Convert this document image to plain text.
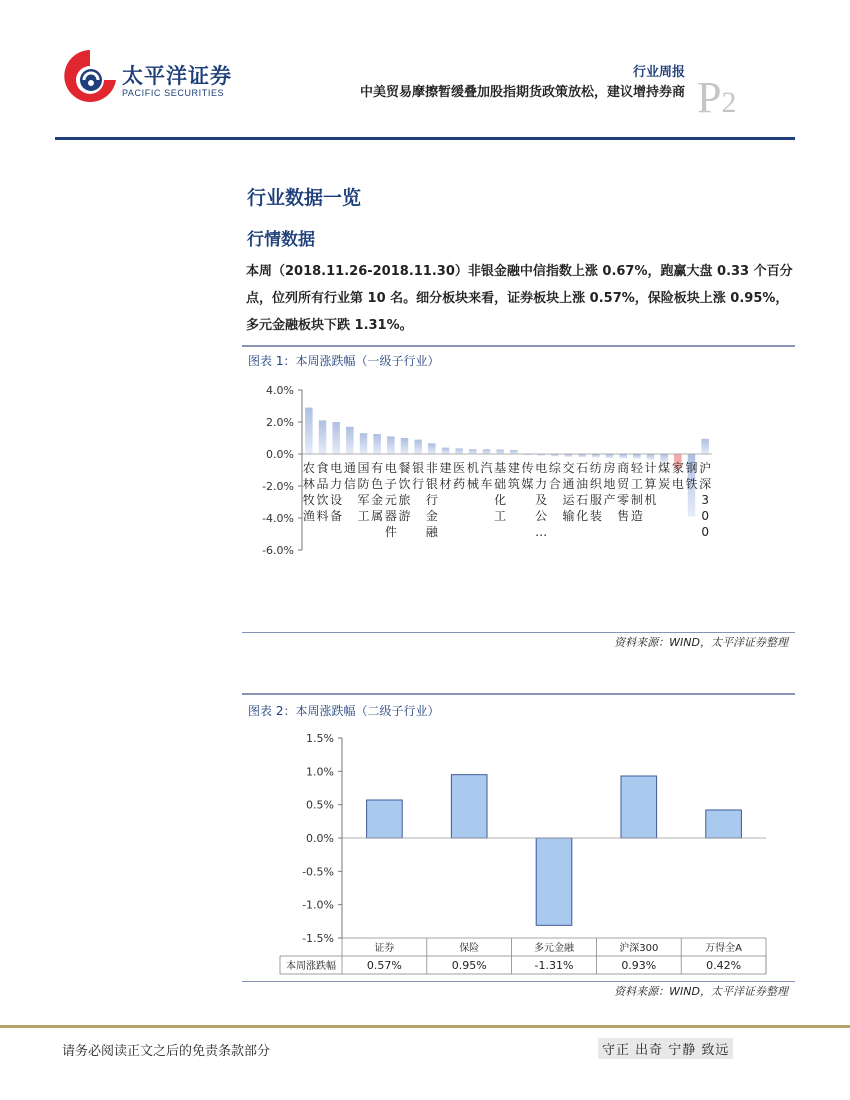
太平洋证券
PACIFIC SECURITIES
行业周报
中美贸易摩擦暂缓叠加股指期货政策放松，建议增持券商 P2
行业数据一览
行情数据
本周（2018.11.26-2018.11.30）非银金融中信指数上涨 0.67%，跑赢大盘 0.33 个百分点，位列所有行业第 10 名。细分板块来看，证券板块上涨 0.57%，保险板块上涨 0.95%，多元金融板块下跌 1.31%。
图表 1：本周涨跌幅（一级子行业）
4.0%
2.0%
0.0%
-2.0%
-4.0%
-6.0%
农
林
牧
渔
食
品
饮
料
电
力
设
备
通
信
国
防
军
工
有
色
金
属
电
子
元
器
件
餐
饮
旅
游
银
行
非
银
行
金
融
建
材
医
药
机
械
汽
车
基
础
化
工
建
筑
传
媒
电
力
及
公
…
综
合
交
通
运
输
石
油
石
化
纺
织
服
装
房
地
产
商
贸
零
售
轻
工
制
造
计
算
机
煤
炭
家
电
钢
铁
沪
深
3
0
0
资料来源：WIND，太平洋证券整理
图表 2：本周涨跌幅（二级子行业）
1.5%
1.0%
0.5%
0.0%
-0.5%
-1.0%
-1.5%
本周涨跌幅
证券
0.57%
保险
0.95%
多元金融
-1.31%
沪深300
0.93%
万得全A
0.42%
资料来源：WIND，太平洋证券整理
请务必阅读正文之后的免责条款部分	守正 出奇 宁静 致远
